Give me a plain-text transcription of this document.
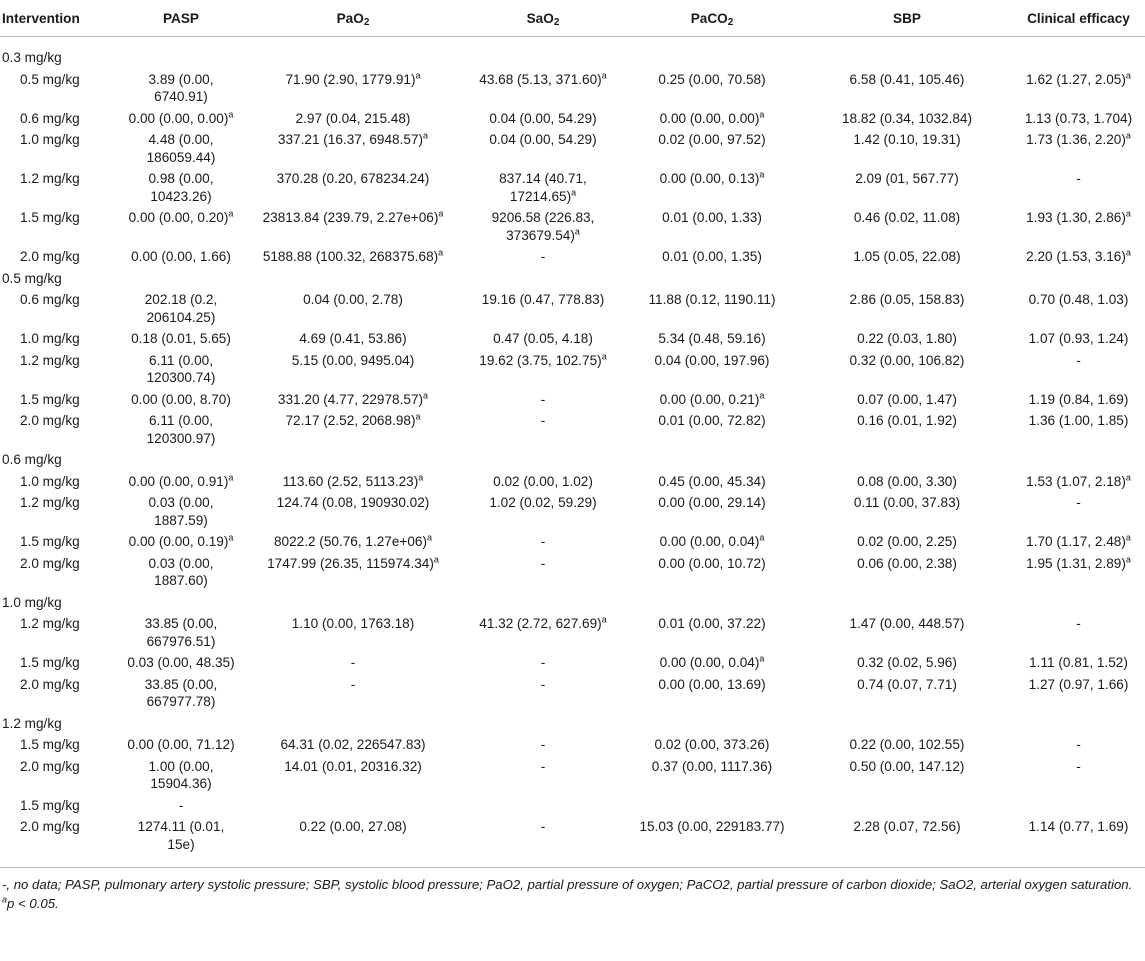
Intervention	PASP	PaO$_2$	SaO$_2$	PaCO$_2$	SBP	Clinical efficacy
0.3 mg/kg						
0.5 mg/kg	3.89 (0.00, 6740.91)	71.90 (2.90, 1779.91)$^a$	43.68 (5.13, 371.60)$^a$	0.25 (0.00, 70.58)	6.58 (0.41, 105.46)	1.62 (1.27, 2.05)$^a$
0.6 mg/kg	0.00 (0.00, 0.00)$^a$	2.97 (0.04, 215.48)	0.04 (0.00, 54.29)	0.00 (0.00, 0.00)$^a$	18.82 (0.34, 1032.84)	1.13 (0.73, 1.704)
1.0 mg/kg	4.48 (0.00, 186059.44)	337.21 (16.37, 6948.57)$^a$	0.04 (0.00, 54.29)	0.02 (0.00, 97.52)	1.42 (0.10, 19.31)	1.73 (1.36, 2.20)$^a$
1.2 mg/kg	0.98 (0.00, 10423.26)	370.28 (0.20, 678234.24)	837.14 (40.71, 17214.65)$^a$	0.00 (0.00, 0.13)$^a$	2.09 (01, 567.77)	-
1.5 mg/kg	0.00 (0.00, 0.20)$^a$	23813.84 (239.79, 2.27e+06)$^a$	9206.58 (226.83, 373679.54)$^a$	0.01 (0.00, 1.33)	0.46 (0.02, 11.08)	1.93 (1.30, 2.86)$^a$
2.0 mg/kg	0.00 (0.00, 1.66)	5188.88 (100.32, 268375.68)$^a$	-	0.01 (0.00, 1.35)	1.05 (0.05, 22.08)	2.20 (1.53, 3.16)$^a$
0.5 mg/kg						
0.6 mg/kg	202.18 (0.2, 206104.25)	0.04 (0.00, 2.78)	19.16 (0.47, 778.83)	11.88 (0.12, 1190.11)	2.86 (0.05, 158.83)	0.70 (0.48, 1.03)
1.0 mg/kg	0.18 (0.01, 5.65)	4.69 (0.41, 53.86)	0.47 (0.05, 4.18)	5.34 (0.48, 59.16)	0.22 (0.03, 1.80)	1.07 (0.93, 1.24)
1.2 mg/kg	6.11 (0.00, 120300.74)	5.15 (0.00, 9495.04)	19.62 (3.75, 102.75)$^a$	0.04 (0.00, 197.96)	0.32 (0.00, 106.82)	-
1.5 mg/kg	0.00 (0.00, 8.70)	331.20 (4.77, 22978.57)$^a$	-	0.00 (0.00, 0.21)$^a$	0.07 (0.00, 1.47)	1.19 (0.84, 1.69)
2.0 mg/kg	6.11 (0.00, 120300.97)	72.17 (2.52, 2068.98)$^a$	-	0.01 (0.00, 72.82)	0.16 (0.01, 1.92)	1.36 (1.00, 1.85)
0.6 mg/kg						
1.0 mg/kg	0.00 (0.00, 0.91)$^a$	113.60 (2.52, 5113.23)$^a$	0.02 (0.00, 1.02)	0.45 (0.00, 45.34)	0.08 (0.00, 3.30)	1.53 (1.07, 2.18)$^a$
1.2 mg/kg	0.03 (0.00, 1887.59)	124.74 (0.08, 190930.02)	1.02 (0.02, 59.29)	0.00 (0.00, 29.14)	0.11 (0.00, 37.83)	-
1.5 mg/kg	0.00 (0.00, 0.19)$^a$	8022.2 (50.76, 1.27e+06)$^a$	-	0.00 (0.00, 0.04)$^a$	0.02 (0.00, 2.25)	1.70 (1.17, 2.48)$^a$
2.0 mg/kg	0.03 (0.00, 1887.60)	1747.99 (26.35, 115974.34)$^a$	-	0.00 (0.00, 10.72)	0.06 (0.00, 2.38)	1.95 (1.31, 2.89)$^a$
1.0 mg/kg						
1.2 mg/kg	33.85 (0.00, 667976.51)	1.10 (0.00, 1763.18)	41.32 (2.72, 627.69)$^a$	0.01 (0.00, 37.22)	1.47 (0.00, 448.57)	-
1.5 mg/kg	0.03 (0.00, 48.35)	-	-	0.00 (0.00, 0.04)$^a$	0.32 (0.02, 5.96)	1.11 (0.81, 1.52)
2.0 mg/kg	33.85 (0.00, 667977.78)	-	-	0.00 (0.00, 13.69)	0.74 (0.07, 7.71)	1.27 (0.97, 1.66)
1.2 mg/kg						
1.5 mg/kg	0.00 (0.00, 71.12)	64.31 (0.02, 226547.83)	-	0.02 (0.00, 373.26)	0.22 (0.00, 102.55)	-
2.0 mg/kg	1.00 (0.00, 15904.36)	14.01 (0.01, 20316.32)	-	0.37 (0.00, 1117.36)	0.50 (0.00, 147.12)	-
1.5 mg/kg	-					
2.0 mg/kg	1274.11 (0.01, 15e)	0.22 (0.00, 27.08)	-	15.03 (0.00, 229183.77)	2.28 (0.07, 72.56)	1.14 (0.77, 1.69)
-, no data; PASP, pulmonary artery systolic pressure; SBP, systolic blood pressure; PaO2, partial pressure of oxygen; PaCO2, partial pressure of carbon dioxide; SaO2, arterial oxygen saturation.
$^a$p < 0.05.
